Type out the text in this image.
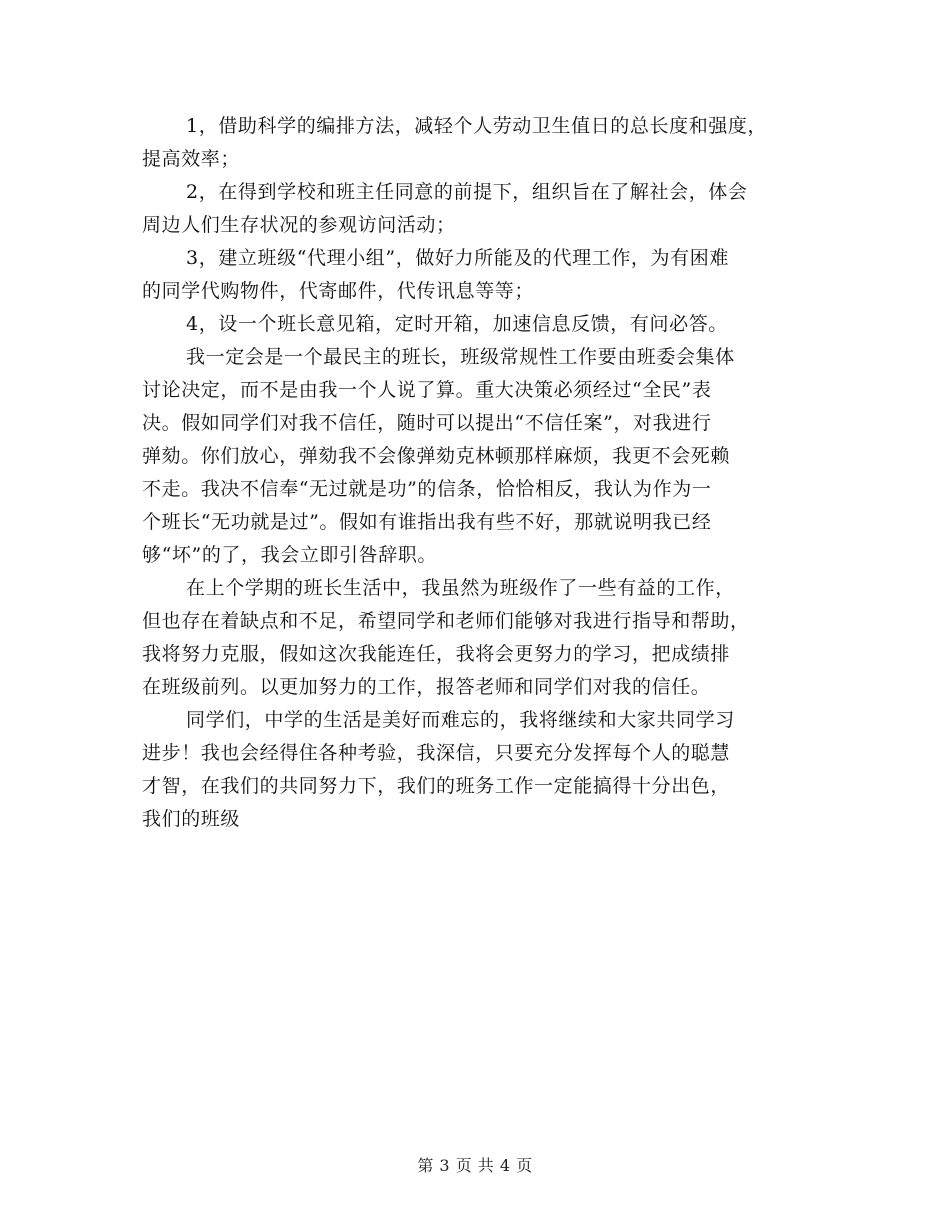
1，借助科学的编排方法，减轻个人劳动卫生值日的总长度和强度，
提高效率；
2，在得到学校和班主任同意的前提下，组织旨在了解社会，体会
周边人们生存状况的参观访问活动；
3，建立班级“代理小组”，做好力所能及的代理工作，为有困难
的同学代购物件，代寄邮件，代传讯息等等；
4，设一个班长意见箱，定时开箱，加速信息反馈，有问必答。
我一定会是一个最民主的班长，班级常规性工作要由班委会集体
讨论决定，而不是由我一个人说了算。重大决策必须经过“全民”表
决。假如同学们对我不信任，随时可以提出“不信任案”，对我进行
弹劾。你们放心，弹劾我不会像弹劾克林顿那样麻烦，我更不会死赖
不走。我决不信奉“无过就是功”的信条，恰恰相反，我认为作为一
个班长“无功就是过”。假如有谁指出我有些不好，那就说明我已经
够“坏”的了，我会立即引咎辞职。
在上个学期的班长生活中，我虽然为班级作了一些有益的工作，
但也存在着缺点和不足，希望同学和老师们能够对我进行指导和帮助，
我将努力克服，假如这次我能连任，我将会更努力的学习，把成绩排
在班级前列。以更加努力的工作，报答老师和同学们对我的信任。
同学们，中学的生活是美好而难忘的，我将继续和大家共同学习
进步！我也会经得住各种考验，我深信，只要充分发挥每个人的聪慧
才智，在我们的共同努力下，我们的班务工作一定能搞得十分出色，
我们的班级
第 3 页 共 4 页
